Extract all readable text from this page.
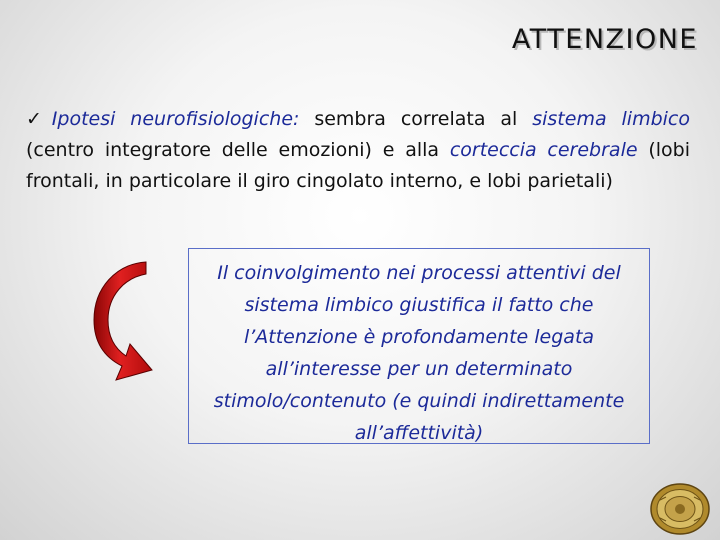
ATTENZIONE
✓Ipotesi neurofisiologiche: sembra correlata al sistema limbico (centro integratore delle emozioni) e alla corteccia cerebrale (lobi frontali, in particolare il giro cingolato interno, e lobi parietali)

Il coinvolgimento nei processi attentivi del sistema limbico giustifica il fatto che l’Attenzione è profondamente legata all’interesse per un determinato stimolo/contenuto (e quindi indirettamente all’affettività)
